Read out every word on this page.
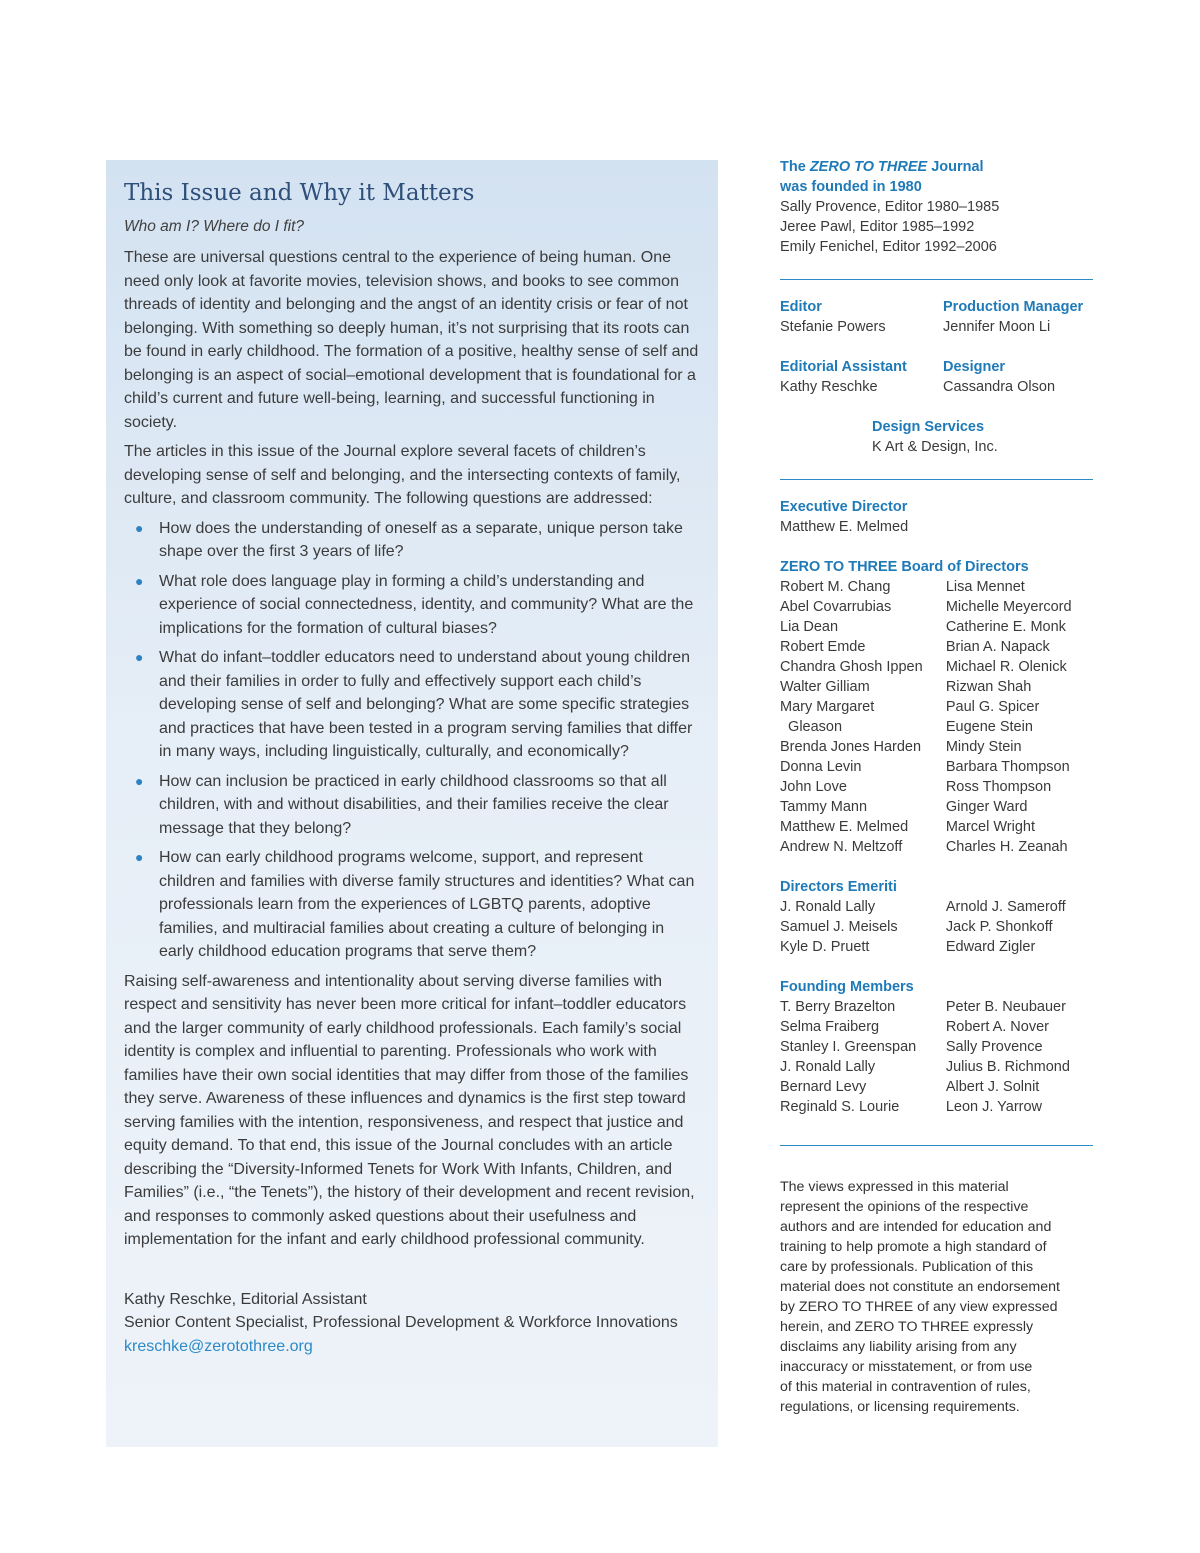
This Issue and Why it Matters

Who am I? Where do I fit?

These are universal questions central to the experience of being human. One need only look at favorite movies, television shows, and books to see common threads of identity and belonging and the angst of an identity crisis or fear of not belonging. With something so deeply human, it’s not surprising that its roots can be found in early childhood. The formation of a positive, healthy sense of self and belonging is an aspect of social–emotional development that is foundational for a child’s current and future well-being, learning, and successful functioning in society.

The articles in this issue of the Journal explore several facets of children’s developing sense of self and belonging, and the intersecting contexts of family, culture, and classroom community. The following questions are addressed:

● How does the understanding of oneself as a separate, unique person take shape over the first 3 years of life?
● What role does language play in forming a child’s understanding and experience of social connectedness, identity, and community? What are the implications for the formation of cultural biases?
● What do infant–toddler educators need to understand about young children and their families in order to fully and effectively support each child’s developing sense of self and belonging? What are some specific strategies and practices that have been tested in a program serving families that differ in many ways, including linguistically, culturally, and economically?
● How can inclusion be practiced in early childhood classrooms so that all children, with and without disabilities, and their families receive the clear message that they belong?
● How can early childhood programs welcome, support, and represent children and families with diverse family structures and identities? What can professionals learn from the experiences of LGBTQ parents, adoptive families, and multiracial families about creating a culture of belonging in early childhood education programs that serve them?

Raising self-awareness and intentionality about serving diverse families with respect and sensitivity has never been more critical for infant–toddler educators and the larger community of early childhood professionals. Each family’s social identity is complex and influential to parenting. Professionals who work with families have their own social identities that may differ from those of the families they serve. Awareness of these influences and dynamics is the first step toward serving families with the intention, responsiveness, and respect that justice and equity demand. To that end, this issue of the Journal concludes with an article describing the “Diversity-Informed Tenets for Work With Infants, Children, and Families” (i.e., “the Tenets”), the history of their development and recent revision, and responses to commonly asked questions about their usefulness and implementation for the infant and early childhood professional community.

Kathy Reschke, Editorial Assistant
Senior Content Specialist, Professional Development & Workforce Innovations
kreschke@zerotothree.org
The ZERO TO THREE Journal
was founded in 1980
Sally Provence, Editor 1980–1985
Jeree Pawl, Editor 1985–1992
Emily Fenichel, Editor 1992–2006
Editor
Stefanie Powers
Production Manager
Jennifer Moon Li
Editorial Assistant
Kathy Reschke
Designer
Cassandra Olson
Design Services
K Art & Design, Inc.
Executive Director
Matthew E. Melmed
ZERO TO THREE Board of Directors
Robert M. Chang
Abel Covarrubias
Lia Dean
Robert Emde
Chandra Ghosh Ippen
Walter Gilliam
Mary Margaret
Gleason
Brenda Jones Harden
Donna Levin
John Love
Tammy Mann
Matthew E. Melmed
Andrew N. Meltzoff
Lisa Mennet
Michelle Meyercord
Catherine E. Monk
Brian A. Napack
Michael R. Olenick
Rizwan Shah
Paul G. Spicer
Eugene Stein
Mindy Stein
Barbara Thompson
Ross Thompson
Ginger Ward
Marcel Wright
Charles H. Zeanah
Directors Emeriti
J. Ronald Lally
Samuel J. Meisels
Kyle D. Pruett
Arnold J. Sameroff
Jack P. Shonkoff
Edward Zigler
Founding Members
T. Berry Brazelton
Selma Fraiberg
Stanley I. Greenspan
J. Ronald Lally
Bernard Levy
Reginald S. Lourie
Peter B. Neubauer
Robert A. Nover
Sally Provence
Julius B. Richmond
Albert J. Solnit
Leon J. Yarrow
The views expressed in this material
represent the opinions of the respective
authors and are intended for education and
training to help promote a high standard of
care by professionals. Publication of this
material does not constitute an endorsement
by ZERO TO THREE of any view expressed
herein, and ZERO TO THREE expressly
disclaims any liability arising from any
inaccuracy or misstatement, or from use
of this material in contravention of rules,
regulations, or licensing requirements.
